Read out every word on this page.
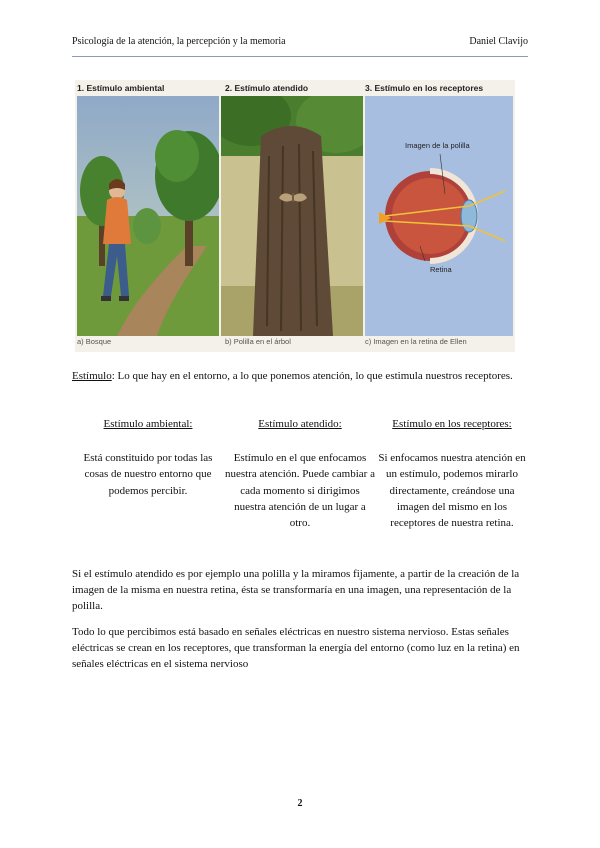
Psicología de la atención, la percepción y la memoria	Daniel Clavijo
1. Estímulo ambiental	2. Estímulo atendido	3. Estímulo en los receptores
Imagen de la polilla
Retina
a) Bosque	b) Polilla en el árbol	c) Imagen en la retina de Ellen
Estímulo: Lo que hay en el entorno, a lo que ponemos atención, lo que estimula nuestros receptores.
Estímulo ambiental:
Está constituido por todas las cosas de nuestro entorno que podemos percibir.
Estímulo atendido:
Estímulo en el que enfocamos nuestra atención. Puede cambiar a cada momento si dirigimos nuestra atención de un lugar a otro.
Estímulo en los receptores:
Si enfocamos nuestra atención en un estímulo, podemos mirarlo directamente, creándose una imagen del mismo en los receptores de nuestra retina.
Si el estímulo atendido es por ejemplo una polilla y la miramos fijamente, a partir de la creación de la imagen de la misma en nuestra retina, ésta se transformaría en una imagen, una representación de la polilla.
Todo lo que percibimos está basado en señales eléctricas en nuestro sistema nervioso. Estas señales eléctricas se crean en los receptores, que transforman la energía del entorno (como luz en la retina) en señales eléctricas en el sistema nervioso
2
